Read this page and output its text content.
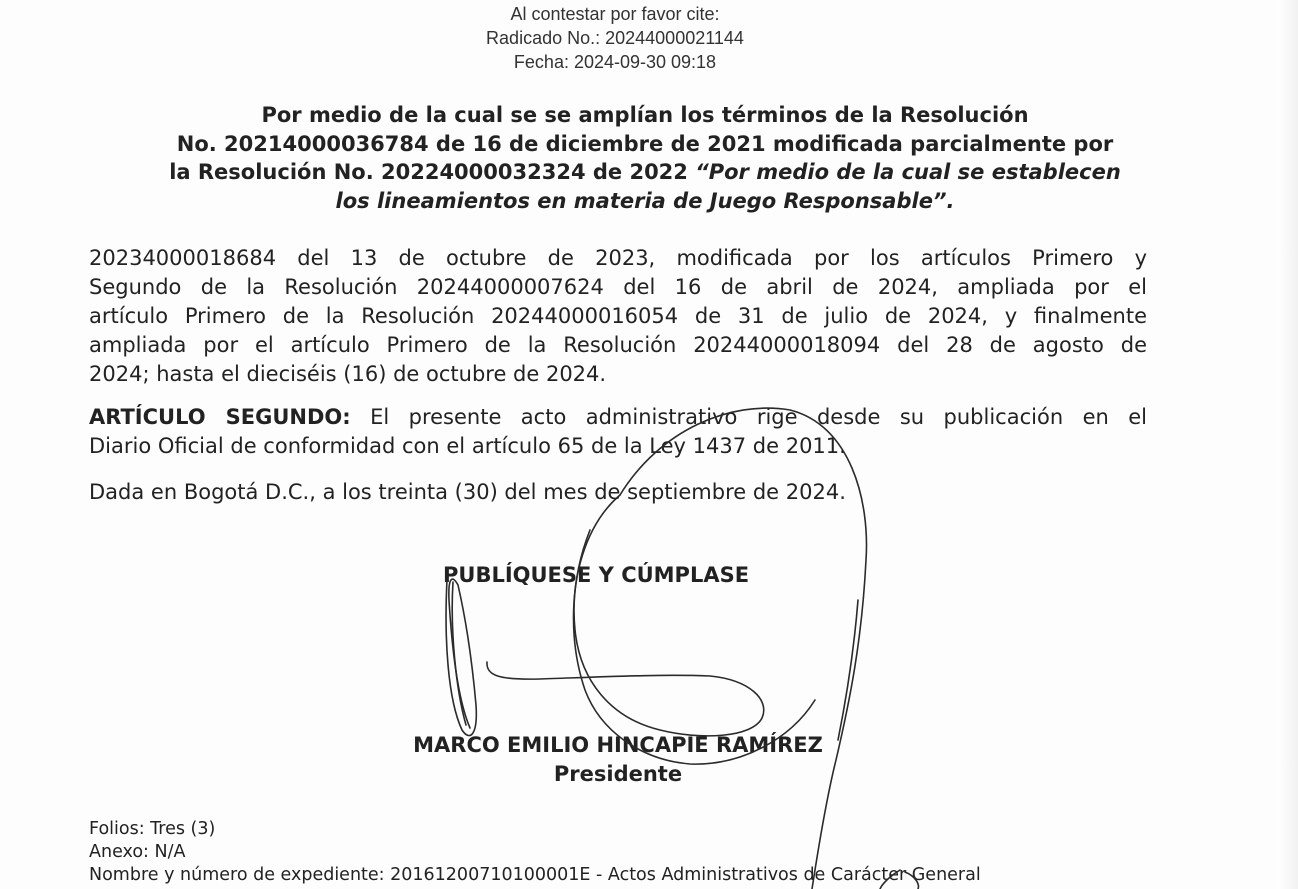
Al contestar por favor cite:
Radicado No.: 20244000021144
Fecha: 2024-09-30 09:18
Por medio de la cual se se amplían los términos de la Resolución
No. 20214000036784 de 16 de diciembre de 2021 modificada parcialmente por
la Resolución No. 20224000032324 de 2022 “Por medio de la cual se establecen
los lineamientos en materia de Juego Responsable”.
20234000018684 del 13 de octubre de 2023, modificada por los artículos Primero y
Segundo de la Resolución 20244000007624 del 16 de abril de 2024, ampliada por el
artículo Primero de la Resolución 20244000016054 de 31 de julio de 2024, y finalmente
ampliada por el artículo Primero de la Resolución 20244000018094 del 28 de agosto de
2024; hasta el dieciséis (16) de octubre de 2024.
ARTÍCULO SEGUNDO: El presente acto administrativo rige desde su publicación en el
Diario Oficial de conformidad con el artículo 65 de la Ley 1437 de 2011.
Dada en Bogotá D.C., a los treinta (30) del mes de septiembre de 2024.
PUBLÍQUESE Y CÚMPLASE
MARCO EMILIO HINCAPIE RAMÍREZ
Presidente
Folios: Tres (3)
Anexo: N/A
Nombre y número de expediente: 20161200710100001E - Actos Administrativos de Carácter General
